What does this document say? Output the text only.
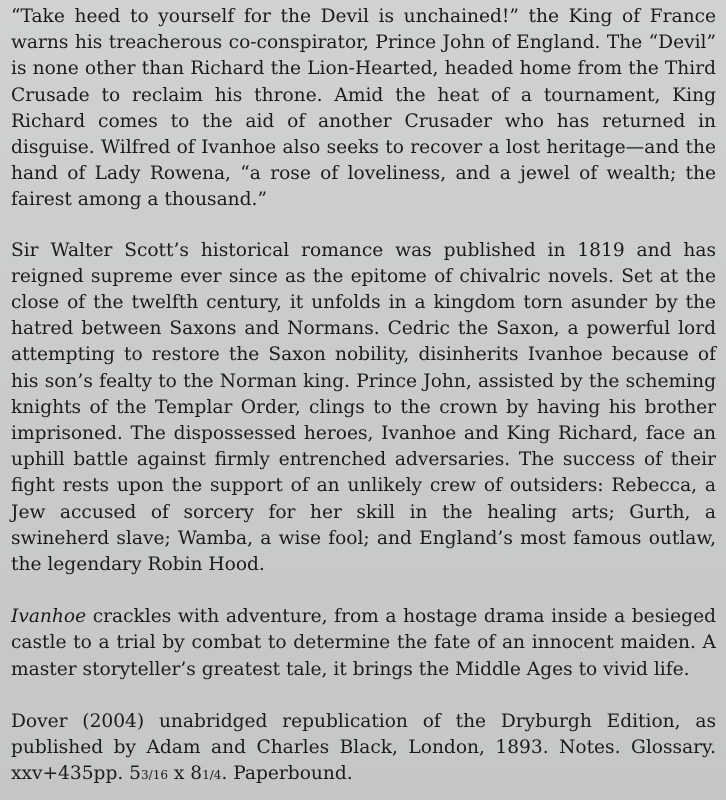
“Take heed to yourself for the Devil is unchained!” the King of France warns his treacherous co-conspirator, Prince John of England. The “Devil” is none other than Richard the Lion-Hearted, headed home from the Third Crusade to reclaim his throne. Amid the heat of a tournament, King Richard comes to the aid of another Crusader who has returned in disguise. Wilfred of Ivanhoe also seeks to recover a lost heritage—and the hand of Lady Rowena, “a rose of loveliness, and a jewel of wealth; the fairest among a thousand.”

Sir Walter Scott’s historical romance was published in 1819 and has reigned supreme ever since as the epitome of chivalric novels. Set at the close of the twelfth century, it unfolds in a kingdom torn asunder by the hatred between Saxons and Normans. Cedric the Saxon, a powerful lord attempting to restore the Saxon nobility, disinherits Ivanhoe because of his son’s fealty to the Norman king. Prince John, assisted by the scheming knights of the Templar Order, clings to the crown by having his brother imprisoned. The dispossessed heroes, Ivanhoe and King Richard, face an uphill battle against firmly entrenched adversaries. The success of their fight rests upon the support of an unlikely crew of outsiders: Rebecca, a Jew accused of sorcery for her skill in the healing arts; Gurth, a swineherd slave; Wamba, a wise fool; and England’s most famous outlaw, the legendary Robin Hood.

Ivanhoe crackles with adventure, from a hostage drama inside a besieged castle to a trial by combat to determine the fate of an innocent maiden. A master storyteller’s greatest tale, it brings the Middle Ages to vivid life.

Dover (2004) unabridged republication of the Dryburgh Edition, as published by Adam and Charles Black, London, 1893. Notes. Glossary. xxv+435pp. 53/16 x 81/4. Paperbound.
